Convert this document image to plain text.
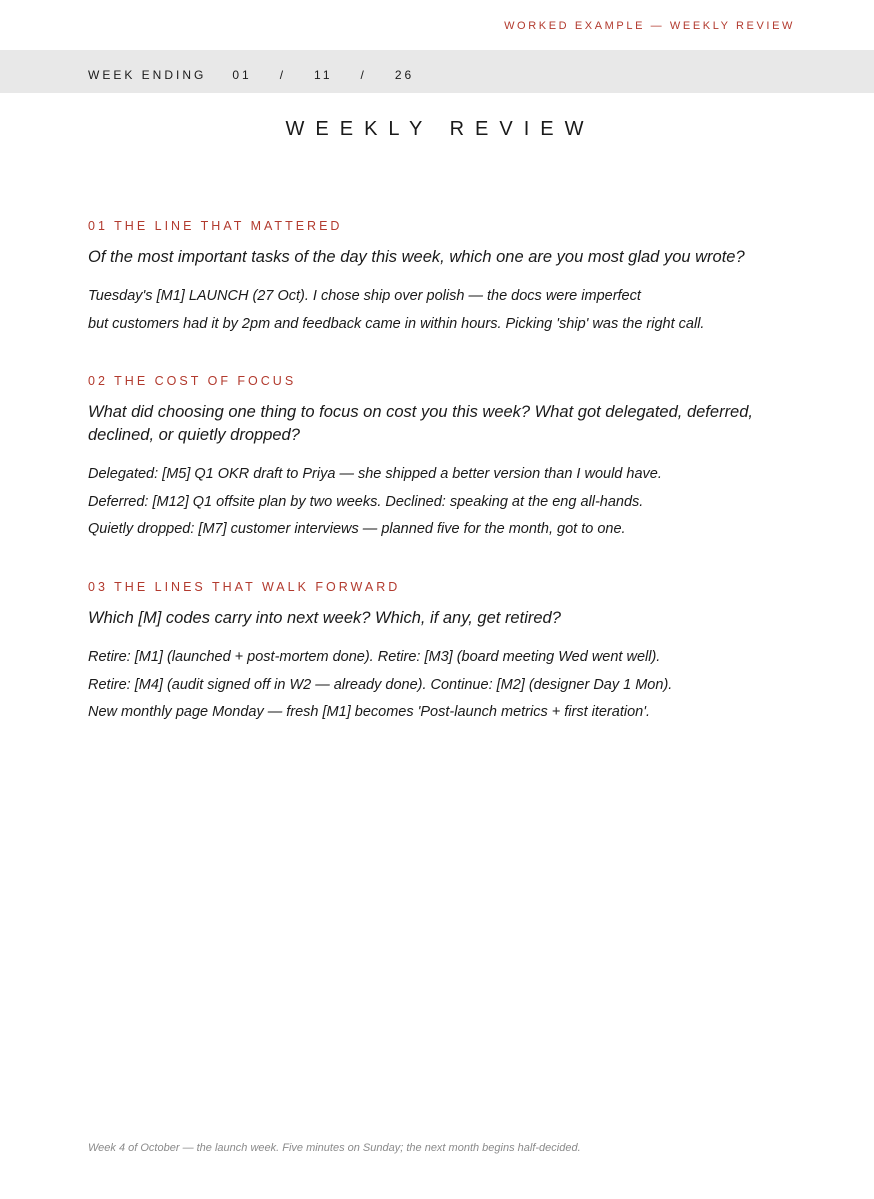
WORKED EXAMPLE — WEEKLY REVIEW
WEEK ENDING 01 / 11 / 26
WEEKLY REVIEW

01 THE LINE THAT MATTERED

Of the most important tasks of the day this week, which one are you most glad you wrote?

Tuesday's [M1] LAUNCH (27 Oct). I chose ship over polish — the docs were imperfect
but customers had it by 2pm and feedback came in within hours. Picking 'ship' was the right call.

02 THE COST OF FOCUS

What did choosing one thing to focus on cost you this week? What got delegated, deferred, declined, or quietly dropped?

Delegated: [M5] Q1 OKR draft to Priya — she shipped a better version than I would have.
Deferred: [M12] Q1 offsite plan by two weeks. Declined: speaking at the eng all-hands.
Quietly dropped: [M7] customer interviews — planned five for the month, got to one.

03 THE LINES THAT WALK FORWARD

Which [M] codes carry into next week? Which, if any, get retired?

Retire: [M1] (launched + post-mortem done). Retire: [M3] (board meeting Wed went well).
Retire: [M4] (audit signed off in W2 — already done). Continue: [M2] (designer Day 1 Mon).
New monthly page Monday — fresh [M1] becomes 'Post-launch metrics + first iteration'.
Week 4 of October — the launch week. Five minutes on Sunday; the next month begins half-decided.
